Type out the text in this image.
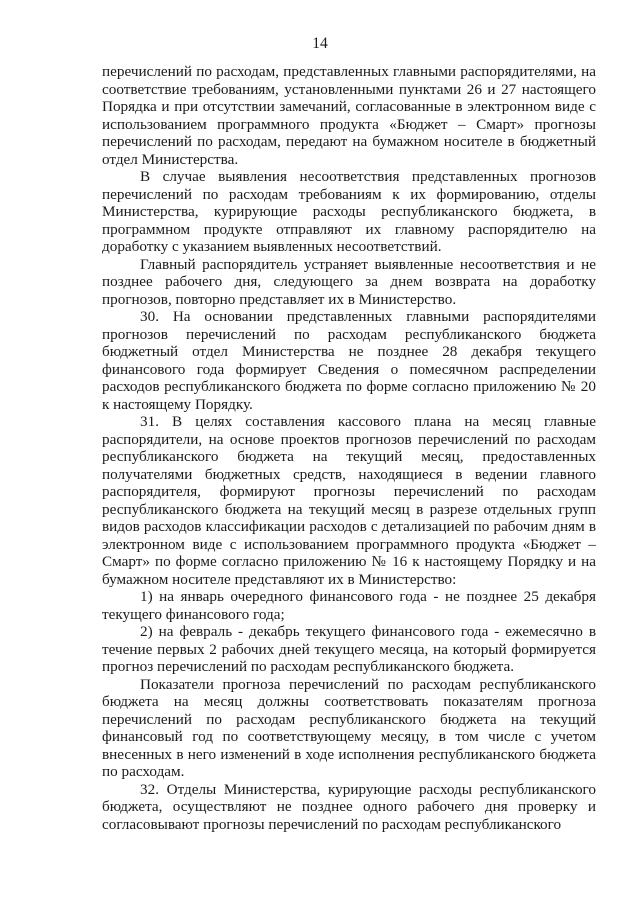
14

перечислений по расходам, представленных главными распорядителями, на соответствие требованиям, установленными пунктами 26 и 27 настоящего Порядка и при отсутствии замечаний, согласованные в электронном виде с использованием программного продукта «Бюджет – Смарт» прогнозы перечислений по расходам, передают на бумажном носителе в бюджетный отдел Министерства.

В случае выявления несоответствия представленных прогнозов перечислений по расходам требованиям к их формированию, отделы Министерства, курирующие расходы республиканского бюджета, в программном продукте отправляют их главному распорядителю на доработку с указанием выявленных несоответствий.

Главный распорядитель устраняет выявленные несоответствия и не позднее рабочего дня, следующего за днем возврата на доработку прогнозов, повторно представляет их в Министерство.

30. На основании представленных главными распорядителями прогнозов перечислений по расходам республиканского бюджета бюджетный отдел Министерства не позднее 28 декабря текущего финансового года формирует Сведения о помесячном распределении расходов республиканского бюджета по форме согласно приложению № 20 к настоящему Порядку.

31. В целях составления кассового плана на месяц главные распорядители, на основе проектов прогнозов перечислений по расходам республиканского бюджета на текущий месяц, предоставленных получателями бюджетных средств, находящиеся в ведении главного распорядителя, формируют прогнозы перечислений по расходам республиканского бюджета на текущий месяц в разрезе отдельных групп видов расходов классификации расходов с детализацией по рабочим дням в электронном виде с использованием программного продукта «Бюджет – Смарт» по форме согласно приложению № 16 к настоящему Порядку и на бумажном носителе представляют их в Министерство:

1) на январь очередного финансового года - не позднее 25 декабря текущего финансового года;

2) на февраль - декабрь текущего финансового года - ежемесячно в течение первых 2 рабочих дней текущего месяца, на который формируется прогноз перечислений по расходам республиканского бюджета.

Показатели прогноза перечислений по расходам республиканского бюджета на месяц должны соответствовать показателям прогноза перечислений по расходам республиканского бюджета на текущий финансовый год по соответствующему месяцу, в том числе с учетом внесенных в него изменений в ходе исполнения республиканского бюджета по расходам.

32. Отделы Министерства, курирующие расходы республиканского бюджета, осуществляют не позднее одного рабочего дня проверку и согласовывают прогнозы перечислений по расходам республиканского
